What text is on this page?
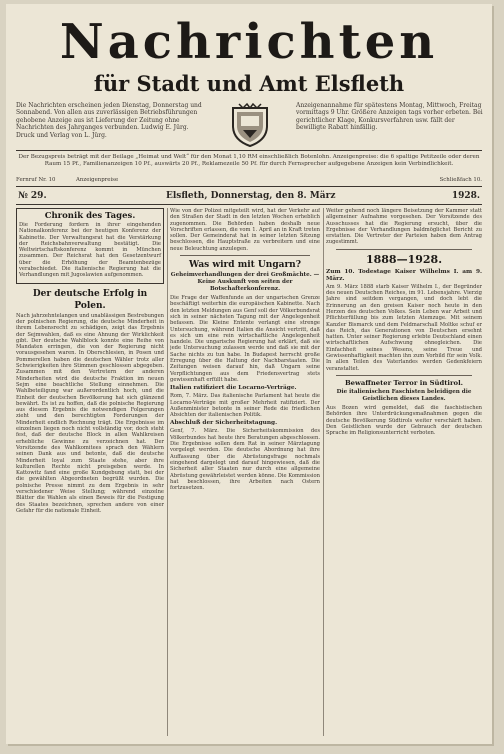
Nachrichten
für Stadt und Amt Elsfleth
Die Nachrichten erscheinen jeden Dienstag, Donnerstag und Sonnabend. Von allen aus zuverlässigen Betriebsführungen gehobene Anzeige aus ist Lieferung der Zeitung ohne Nachrichten des Jahrganges verbunden. Ludwig E. Jürg. Druck und Verlag von L. Jürg.
Anzeigenannahme für spätestens Montag, Mittwoch, Freitag vormittags 9 Uhr. Größere Anzeigen tags vorher erbeten. Bei gerichtlicher Klage, Konkursverfahren usw. fällt der bewilligte Rabatt hinfällig.
Der Bezugspreis beträgt mit der Beilage „Heimat und Welt“ für den Monat 1,10 RM einschließlich Botenlohn. Anzeigenpreise: die 6 spaltige Petitzeile oder deren Raum 15 Pf., Familienanzeigen 10 Pf., auswärts 20 Pf., Reklamezeile 50 Pf. für durch Fernsprecher aufgegebene Anzeigen kein Verbindlichkeit.
Fernruf Nr. 10	Anzeigenpreise	Schließfach 10.
№ 29.	Elsfleth, Donnerstag, den 8. März	1928.
Chronik des Tages.

Die Forderung fordern in ihrer eingehenden Nationalkonferenz bei der heutigen Konferenz der Kabinette. Der Verwaltungsrat hat die Verstärkung der Reichsbahnverwaltung bestätigt. Die Weltwirtschaftskonferenz kommt in München zusammen. Der Reichsrat hat den Gesetzentwurf über die Erhöhung der Beamtenbezüge verabschiedet. Die italienische Regierung hat die Verhandlungen mit Jugoslawien aufgenommen.

Der deutsche Erfolg in Polen.

Nach jahrzehntelangen und unablässigen Bestrebungen der polnischen Regierung, die deutsche Minderheit in ihrem Lebensrecht zu schädigen, zeigt das Ergebnis der Sejmwahlen, daß es eine Ahnung der Wirklichkeit gibt. Der deutsche Wahlblock konnte eine Reihe von Mandaten erringen, die von der Regierung nicht vorausgesehen waren. In Oberschlesien, in Posen und Pommerellen haben die deutschen Wähler trotz aller Schwierigkeiten ihre Stimmen geschlossen abgegeben. Zusammen mit den Vertretern der anderen Minderheiten wird die deutsche Fraktion im neuen Sejm eine beachtliche Stellung einnehmen. Die Wahlbeteiligung war außerordentlich hoch, und die Einheit der deutschen Bevölkerung hat sich glänzend bewährt. Es ist zu hoffen, daß die polnische Regierung aus diesem Ergebnis die notwendigen Folgerungen zieht und den berechtigten Forderungen der Minderheit endlich Rechnung trägt. Die Ergebnisse im einzelnen liegen noch nicht vollständig vor, doch steht fest, daß der deutsche Block in allen Wahlkreisen erhebliche Gewinne zu verzeichnen hat. Der Vorsitzende des Wahlkomitees sprach den Wählern seinen Dank aus und betonte, daß die deutsche Minderheit loyal zum Staate stehe, aber ihre kulturellen Rechte nicht preisgeben werde. In Kattowitz fand eine große Kundgebung statt, bei der die gewählten Abgeordneten begrüßt wurden. Die polnische Presse nimmt zu dem Ergebnis in sehr verschiedener Weise Stellung; während einzelne Blätter die Wahlen als einen Beweis für die Festigung des Staates bezeichnen, sprechen andere von einer Gefahr für die nationale Einheit.

Wie von der Polizei mitgeteilt wird, hat der Verkehr auf den Straßen der Stadt in den letzten Wochen erheblich zugenommen. Die Behörden haben deshalb neue Vorschriften erlassen, die vom 1. April an in Kraft treten sollen. Der Gemeinderat hat in seiner letzten Sitzung beschlossen, die Hauptstraße zu verbreitern und eine neue Beleuchtung anzulegen.

Was wird mit Ungarn?
Geheimverhandlungen der drei Großmächte. — Keine Auskunft von seiten der Botschafterkonferenz.

Die Frage der Waffenfunde an der ungarischen Grenze beschäftigt weiterhin die europäischen Kabinette. Nach den letzten Meldungen aus Genf soll der Völkerbundsrat sich in seiner nächsten Tagung mit der Angelegenheit befassen. Die Kleine Entente verlangt eine strenge Untersuchung, während Italien die Ansicht vertritt, daß es sich um eine rein wirtschaftliche Angelegenheit handele. Die ungarische Regierung hat erklärt, daß sie jede Untersuchung zulassen werde und daß sie mit der Sache nichts zu tun habe. In Budapest herrscht große Erregung über die Haltung der Nachbarstaaten. Die Zeitungen weisen darauf hin, daß Ungarn seine Verpflichtungen aus dem Friedensvertrag stets gewissenhaft erfüllt habe.

Italien ratifiziert die Locarno-Verträge.

Rom, 7. März. Das italienische Parlament hat heute die Locarno-Verträge mit großer Mehrheit ratifiziert. Der Außenminister betonte in seiner Rede die friedlichen Absichten der italienischen Politik.

Abschluß der Sicherheitstagung.

Genf, 7. März. Die Sicherheitskommission des Völkerbundes hat heute ihre Beratungen abgeschlossen. Die Ergebnisse sollen dem Rat in seiner Märztagung vorgelegt werden. Die deutsche Abordnung hat ihre Auffassung über die Abrüstungsfrage nochmals eingehend dargelegt und darauf hingewiesen, daß die Sicherheit aller Staaten nur durch eine allgemeine Abrüstung gewährleistet werden könne. Die Kommission hat beschlossen, ihre Arbeiten nach Ostern fortzusetzen.

Weiter gehend noch längere Beisetzung der Kammer statt allgemeiner Aufnahme vorgesehen. Der Vorsitzende des Ausschusses hat die Regierung ersucht, über die Ergebnisse der Verhandlungen baldmöglichst Bericht zu erstatten. Die Vertreter der Parteien haben dem Antrag zugestimmt.

1888—1928.
Zum 10. Todestage Kaiser Wilhelms I. am 9. März.

Am 9. März 1888 starb Kaiser Wilhelm I., der Begründer des neuen Deutschen Reiches, im 91. Lebensjahre. Vierzig Jahre sind seitdem vergangen, und doch lebt die Erinnerung an den greisen Kaiser noch heute in den Herzen des deutschen Volkes. Sein Leben war Arbeit und Pflichterfüllung bis zum letzten Atemzuge. Mit seinem Kanzler Bismarck und dem Feldmarschall Moltke schuf er das Reich, das Generationen von Deutschen ersehnt hatten. Unter seiner Regierung erlebte Deutschland einen wirtschaftlichen Aufschwung ohnegleichen. Die Einfachheit seines Wesens, seine Treue und Gewissenhaftigkeit machten ihn zum Vorbild für sein Volk. In allen Teilen des Vaterlandes werden Gedenkfeiern veranstaltet.

Bewaffneter Terror in Südtirol.
Die italienischen Faschisten beleidigen die Geistlichen dieses Landes.

Aus Bozen wird gemeldet, daß die faschistischen Behörden ihre Unterdrückungsmaßnahmen gegen die deutsche Bevölkerung Südtirols weiter verschärft haben. Den Geistlichen wurde der Gebrauch der deutschen Sprache im Religionsunterricht verboten.
